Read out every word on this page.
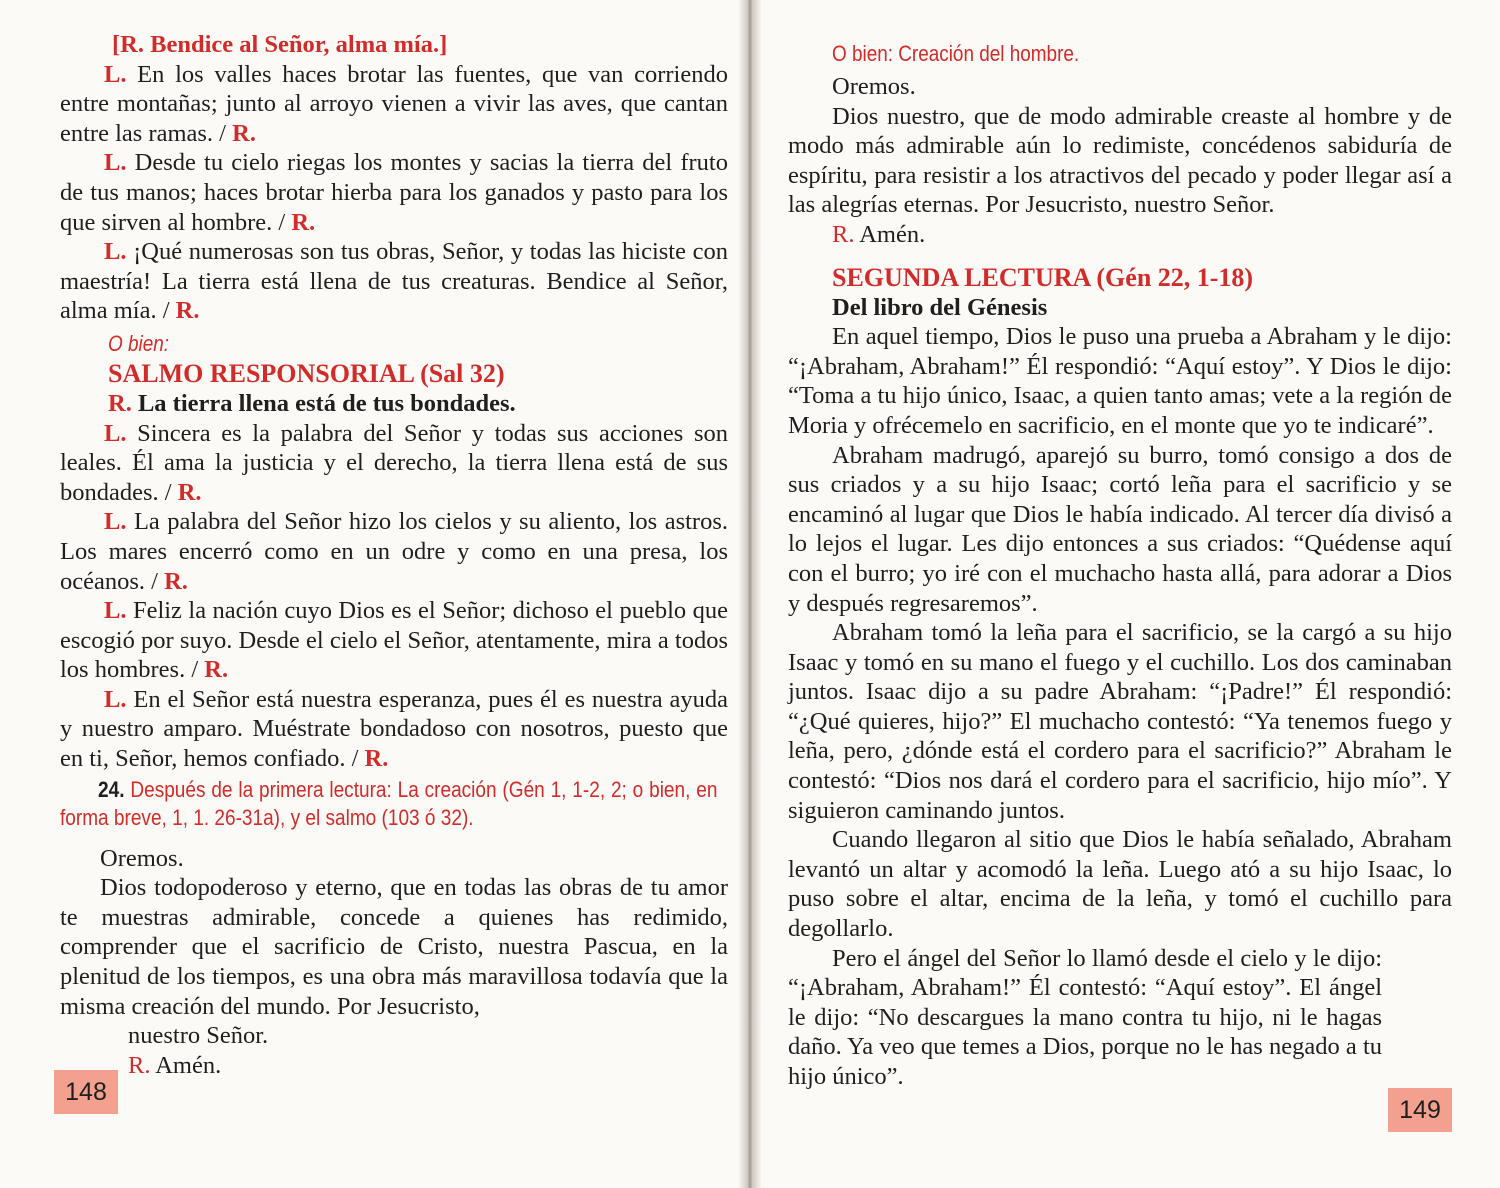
[R. Bendice al Señor, alma mía.]

L. En los valles haces brotar las fuentes, que van corriendo entre montañas; junto al arroyo vienen a vivir las aves, que cantan entre las ramas. / R.

L. Desde tu cielo riegas los montes y sacias la tierra del fruto de tus manos; haces brotar hierba para los ganados y pasto para los que sirven al hombre. / R.

L. ¡Qué numerosas son tus obras, Señor, y todas las hiciste con maestría! La tierra está llena de tus creaturas. Bendice al Señor, alma mía. / R.

O bien:

SALMO RESPONSORIAL (Sal 32)

R. La tierra llena está de tus bondades.

L. Sincera es la palabra del Señor y todas sus acciones son leales. Él ama la justicia y el derecho, la tierra llena está de sus bondades. / R.

L. La palabra del Señor hizo los cielos y su aliento, los astros. Los mares encerró como en un odre y como en una presa, los océanos. / R.

L. Feliz la nación cuyo Dios es el Señor; dichoso el pueblo que escogió por suyo. Desde el cielo el Señor, atentamente, mira a todos los hombres. / R.

L. En el Señor está nuestra esperanza, pues él es nuestra ayuda y nuestro amparo. Muéstrate bondadoso con nosotros, puesto que en ti, Señor, hemos confiado. / R.

24. Después de la primera lectura: La creación (Gén 1, 1-2, 2; o bien, en forma breve, 1, 1. 26-31a), y el salmo (103 ó 32).

Oremos.

Dios todopoderoso y eterno, que en todas las obras de tu amor te muestras admirable, concede a quienes has redimido, comprender que el sacrificio de Cristo, nuestra Pascua, en la plenitud de los tiempos, es una obra más maravillosa todavía que la misma creación del mundo. Por Jesucristo,

nuestro Señor.

R. Amén.

148
149

O bien: Creación del hombre.

Oremos.

Dios nuestro, que de modo admirable creaste al hombre y de modo más admirable aún lo redimiste, concédenos sabiduría de espíritu, para resistir a los atractivos del pecado y poder llegar así a las alegrías eternas. Por Jesucristo, nuestro Señor.

R. Amén.

SEGUNDA LECTURA (Gén 22, 1-18)

Del libro del Génesis

En aquel tiempo, Dios le puso una prueba a Abraham y le dijo: “¡Abraham, Abraham!” Él respondió: “Aquí estoy”. Y Dios le dijo: “Toma a tu hijo único, Isaac, a quien tanto amas; vete a la región de Moria y ofrécemelo en sacrificio, en el monte que yo te indicaré”.

Abraham madrugó, aparejó su burro, tomó consigo a dos de sus criados y a su hijo Isaac; cortó leña para el sacrificio y se encaminó al lugar que Dios le había indicado. Al tercer día divisó a lo lejos el lugar. Les dijo entonces a sus criados: “Quédense aquí con el burro; yo iré con el muchacho hasta allá, para adorar a Dios y después regresaremos”.

Abraham tomó la leña para el sacrificio, se la cargó a su hijo Isaac y tomó en su mano el fuego y el cuchillo. Los dos caminaban juntos. Isaac dijo a su padre Abraham: “¡Padre!” Él respondió: “¿Qué quieres, hijo?” El muchacho contestó: “Ya tenemos fuego y leña, pero, ¿dónde está el cordero para el sacrificio?” Abraham le contestó: “Dios nos dará el cordero para el sacrificio, hijo mío”. Y siguieron caminando juntos.

Cuando llegaron al sitio que Dios le había señalado, Abraham levantó un altar y acomodó la leña. Luego ató a su hijo Isaac, lo puso sobre el altar, encima de la leña, y tomó el cuchillo para degollarlo.

Pero el ángel del Señor lo llamó desde el cielo y le dijo: “¡Abraham, Abraham!” Él contestó: “Aquí estoy”. El ángel le dijo: “No descargues la mano contra tu hijo, ni le hagas daño. Ya veo que temes a Dios, porque no le has negado a tu hijo único”.
